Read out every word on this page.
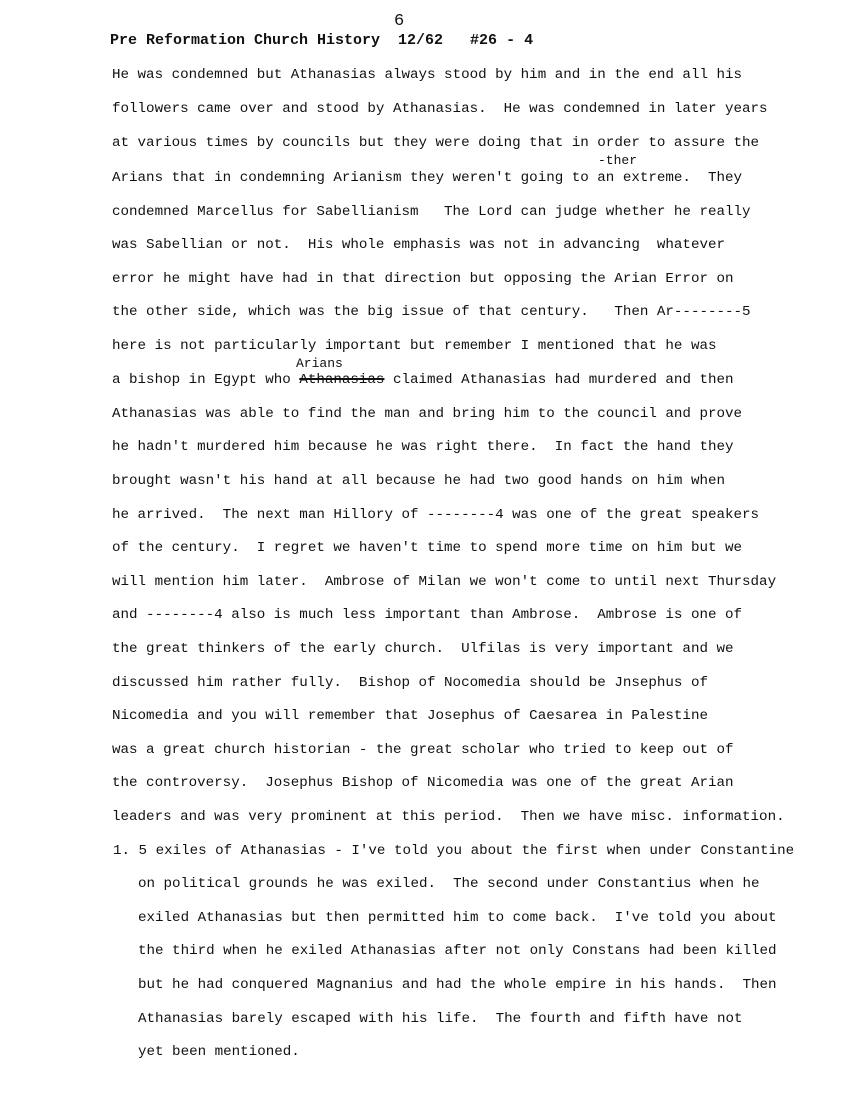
6
Pre Reformation Church History  12/62   #26 - 4
He was condemned but Athanasias always stood by him and in the end all his
followers came over and stood by Athanasias.  He was condemned in later years
at various times by councils but they were doing that in order to assure the
-ther
Arians that in condemning Arianism they weren't going to an extreme.  They
condemned Marcellus for Sabellianism   The Lord can judge whether he really
was Sabellian or not.  His whole emphasis was not in advancing  whatever
error he might have had in that direction but opposing the Arian Error on
the other side, which was the big issue of that century.   Then Ar--------5
here is not particularly important but remember I mentioned that he was
Arians
a bishop in Egypt who Athanasias claimed Athanasias had murdered and then
Athanasias was able to find the man and bring him to the council and prove
he hadn't murdered him because he was right there.  In fact the hand they
brought wasn't his hand at all because he had two good hands on him when
he arrived.  The next man Hillory of --------4 was one of the great speakers
of the century.  I regret we haven't time to spend more time on him but we
will mention him later.  Ambrose of Milan we won't come to until next Thursday
and --------4 also is much less important than Ambrose.  Ambrose is one of
the great thinkers of the early church.  Ulfilas is very important and we
discussed him rather fully.  Bishop of Nocomedia should be Jnsephus of
Nicomedia and you will remember that Josephus of Caesarea in Palestine
was a great church historian - the great scholar who tried to keep out of
the controversy.  Josephus Bishop of Nicomedia was one of the great Arian
leaders and was very prominent at this period.  Then we have misc. information.
1. 5 exiles of Athanasias - I've told you about the first when under Constantine
on political grounds he was exiled.  The second under Constantius when he
exiled Athanasias but then permitted him to come back.  I've told you about
the third when he exiled Athanasias after not only Constans had been killed
but he had conquered Magnanius and had the whole empire in his hands.  Then
Athanasias barely escaped with his life.  The fourth and fifth have not
yet been mentioned.
